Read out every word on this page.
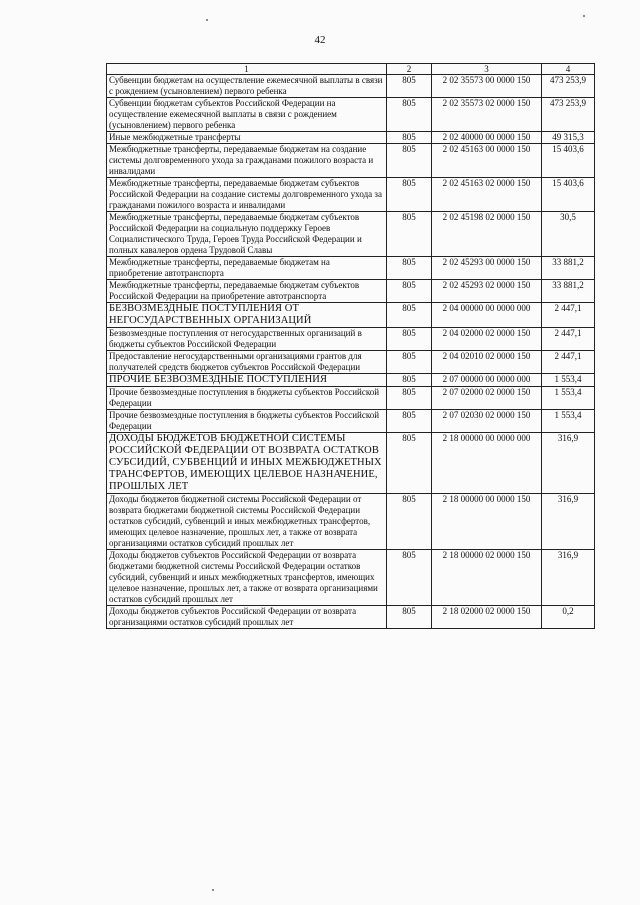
42
1	2	3	4
Субвенции бюджетам на осуществление ежемесячной выплаты в связи с рождением (усыновлением) первого ребенка	805	2 02 35573 00 0000 150	473 253,9
Субвенции бюджетам субъектов Российской Федерации на осуществление ежемесячной выплаты в связи с рождением (усыновлением) первого ребенка	805	2 02 35573 02 0000 150	473 253,9
Иные межбюджетные трансферты	805	2 02 40000 00 0000 150	49 315,3
Межбюджетные трансферты, передаваемые бюджетам на создание системы долговременного ухода за гражданами пожилого возраста и инвалидами	805	2 02 45163 00 0000 150	15 403,6
Межбюджетные трансферты, передаваемые бюджетам субъектов Российской Федерации на создание системы долговременного ухода за гражданами пожилого возраста и инвалидами	805	2 02 45163 02 0000 150	15 403,6
Межбюджетные трансферты, передаваемые бюджетам субъектов Российской Федерации на социальную поддержку Героев Социалистического Труда, Героев Труда Российской Федерации и полных кавалеров ордена Трудовой Славы	805	2 02 45198 02 0000 150	30,5
Межбюджетные трансферты, передаваемые бюджетам на приобретение автотранспорта	805	2 02 45293 00 0000 150	33 881,2
Межбюджетные трансферты, передаваемые бюджетам субъектов Российской Федерации на приобретение автотранспорта	805	2 02 45293 02 0000 150	33 881,2
БЕЗВОЗМЕЗДНЫЕ ПОСТУПЛЕНИЯ ОТ НЕГОСУДАРСТВЕННЫХ ОРГАНИЗАЦИЙ	805	2 04 00000 00 0000 000	2 447,1
Безвозмездные поступления от негосударственных организаций в бюджеты субъектов Российской Федерации	805	2 04 02000 02 0000 150	2 447,1
Предоставление негосударственными организациями грантов для получателей средств бюджетов субъектов Российской Федерации	805	2 04 02010 02 0000 150	2 447,1
ПРОЧИЕ БЕЗВОЗМЕЗДНЫЕ ПОСТУПЛЕНИЯ	805	2 07 00000 00 0000 000	1 553,4
Прочие безвозмездные поступления в бюджеты субъектов Российской Федерации	805	2 07 02000 02 0000 150	1 553,4
Прочие безвозмездные поступления в бюджеты субъектов Российской Федерации	805	2 07 02030 02 0000 150	1 553,4
ДОХОДЫ БЮДЖЕТОВ БЮДЖЕТНОЙ СИСТЕМЫ РОССИЙСКОЙ ФЕДЕРАЦИИ ОТ ВОЗВРАТА ОСТАТКОВ СУБСИДИЙ, СУБВЕНЦИЙ И ИНЫХ МЕЖБЮДЖЕТНЫХ ТРАНСФЕРТОВ, ИМЕЮЩИХ ЦЕЛЕВОЕ НАЗНАЧЕНИЕ, ПРОШЛЫХ ЛЕТ	805	2 18 00000 00 0000 000	316,9
Доходы бюджетов бюджетной системы Российской Федерации от возврата бюджетами бюджетной системы Российской Федерации остатков субсидий, субвенций и иных межбюджетных трансфертов, имеющих целевое назначение, прошлых лет, а также от возврата организациями остатков субсидий прошлых лет	805	2 18 00000 00 0000 150	316,9
Доходы бюджетов субъектов Российской Федерации от возврата бюджетами бюджетной системы Российской Федерации остатков субсидий, субвенций и иных межбюджетных трансфертов, имеющих целевое назначение, прошлых лет, а также от возврата организациями остатков субсидий прошлых лет	805	2 18 00000 02 0000 150	316,9
Доходы бюджетов субъектов Российской Федерации от возврата организациями остатков субсидий прошлых лет	805	2 18 02000 02 0000 150	0,2
